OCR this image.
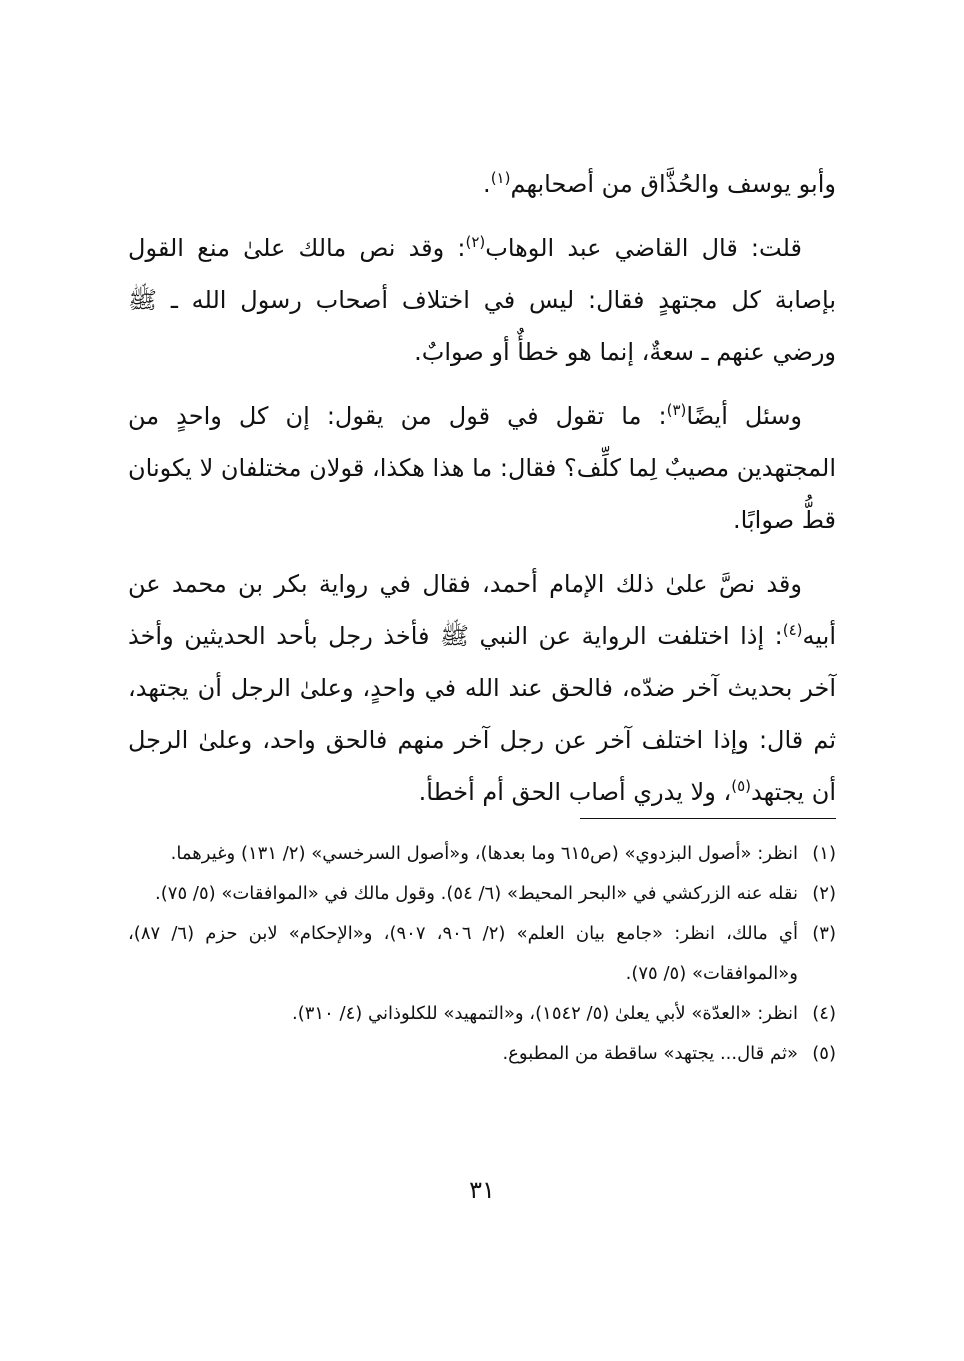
وأبو يوسف والحُذَّاق من أصحابهم$^{(١)}$.

قلت: قال القاضي عبد الوهاب$^{(٢)}$: وقد نص مالك علىٰ منع القول بإصابة كل مجتهدٍ فقال: ليس في اختلاف أصحاب رسول الله ـ ﷺ ورضي عنهم ـ سعةٌ، إنما هو خطأٌ أو صوابٌ.

وسئل أيضًا$^{(٣)}$: ما تقول في قول من يقول: إن كل واحدٍ من المجتهدين مصيبٌ لِما كلِّف؟ فقال: ما هذا هكذا، قولان مختلفان لا يكونان قطُّ صوابًا.

وقد نصَّ علىٰ ذلك الإمام أحمد، فقال في رواية بكر بن محمد عن أبيه$^{(٤)}$: إذا اختلفت الرواية عن النبي ﷺ فأخذ رجل بأحد الحديثين وأخذ آخر بحديث آخر ضدّه، فالحق عند الله في واحدٍ، وعلىٰ الرجل أن يجتهد، ثم قال: وإذا اختلف آخر عن رجل آخر منهم فالحق واحد، وعلىٰ الرجل أن يجتهد$^{(٥)}$، ولا يدري أصاب الحق أم أخطأ.

(١)
انظر: «أصول البزدوي» (ص٦١٥ وما بعدها)، و«أصول السرخسي» (٢/ ١٣١) وغيرهما.
(٢)
نقله عنه الزركشي في «البحر المحيط» (٦/ ٥٤). وقول مالك في «الموافقات» (٥/ ٧٥).
(٣)
أي مالك، انظر: «جامع بيان العلم» (٢/ ٩٠٦، ٩٠٧)، و«الإحكام» لابن حزم (٦/ ٨٧)، و«الموافقات» (٥/ ٧٥).
(٤)
انظر: «العدّة» لأبي يعلىٰ (٥/ ١٥٤٢)، و«التمهيد» للكلوذاني (٤/ ٣١٠).
(٥)
«ثم قال... يجتهد» ساقطة من المطبوع.
٣١
